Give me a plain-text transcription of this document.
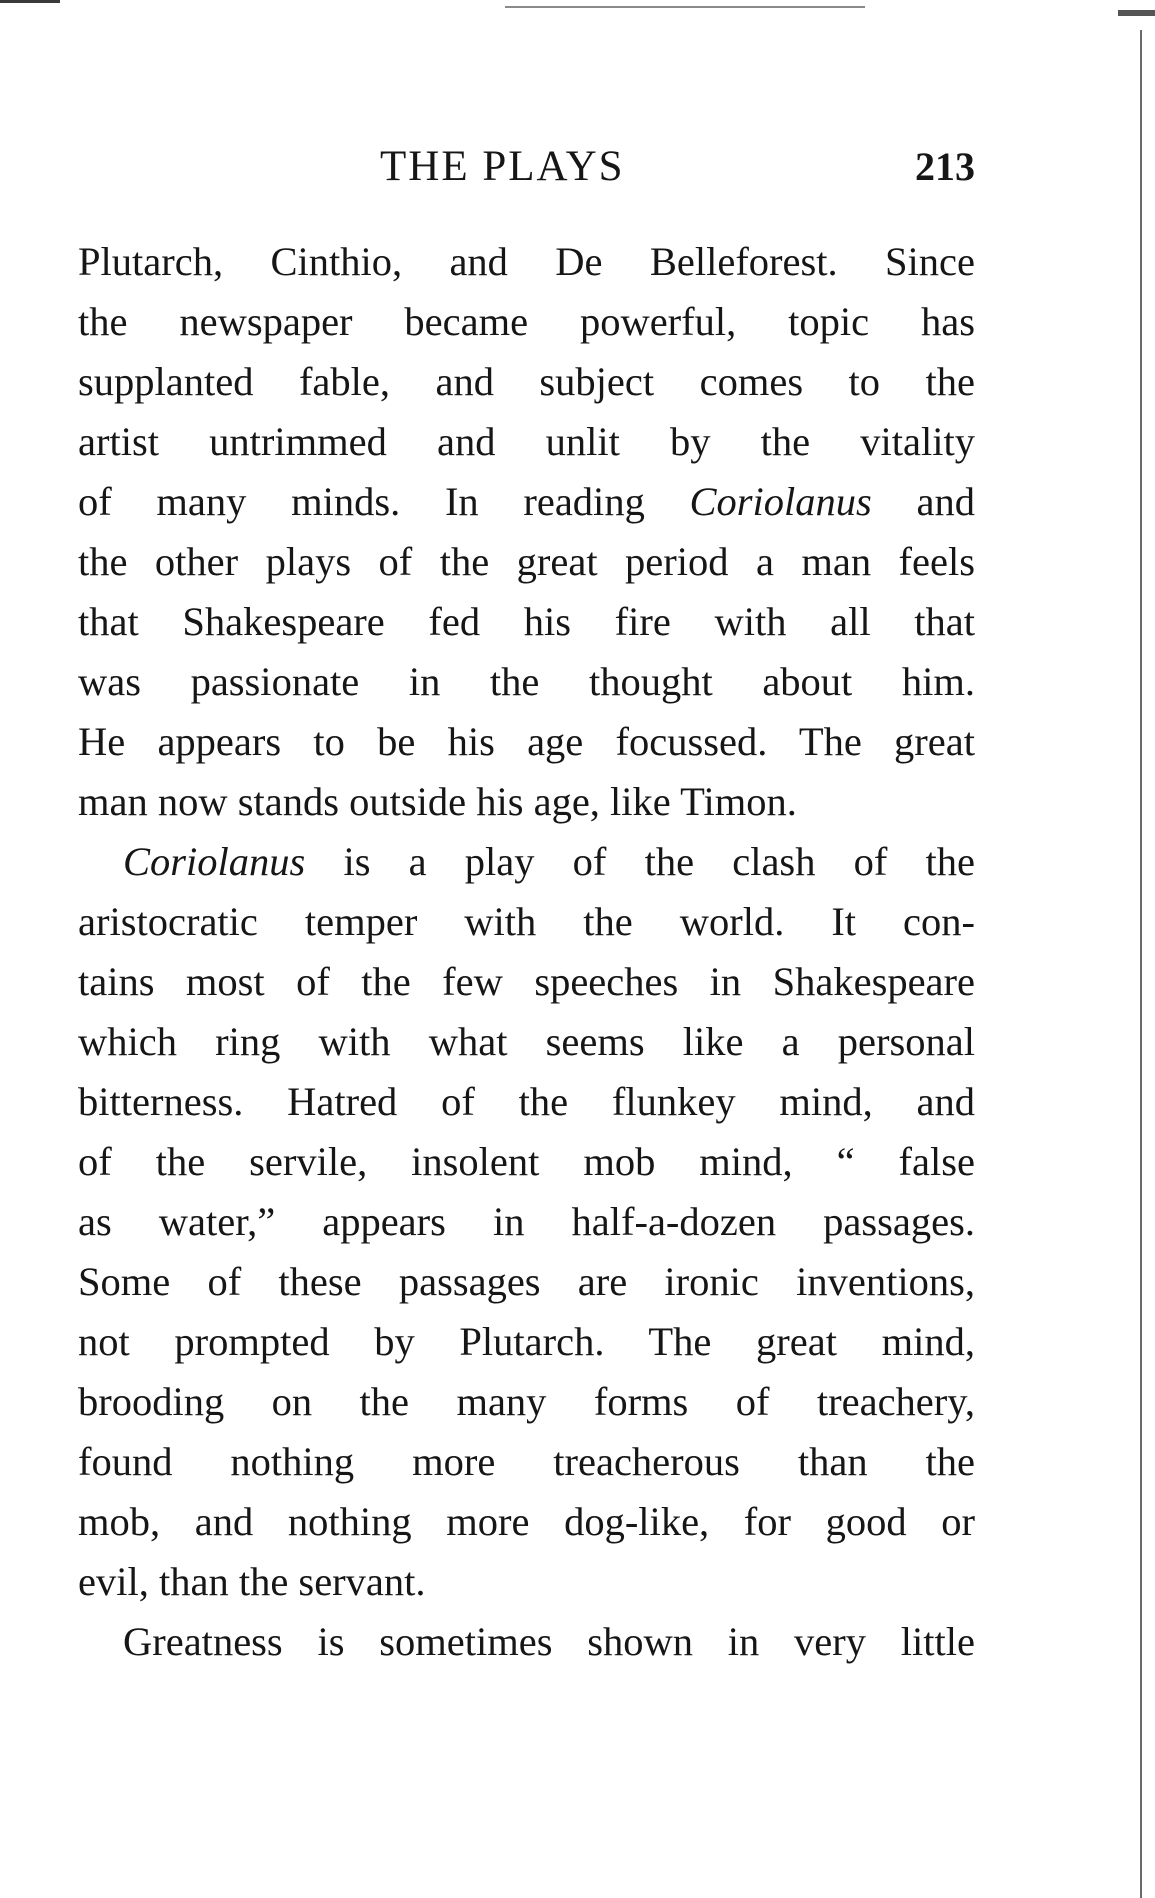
THE PLAYS	213
Plutarch, Cinthio, and De Belleforest. Since
the newspaper became powerful, topic has
supplanted fable, and subject comes to the
artist untrimmed and unlit by the vitality
of many minds. In reading Coriolanus and
the other plays of the great period a man feels
that Shakespeare fed his fire with all that
was passionate in the thought about him.
He appears to be his age focussed. The great
man now stands outside his age, like Timon.
Coriolanus is a play of the clash of the
aristocratic temper with the world. It con-
tains most of the few speeches in Shakespeare
which ring with what seems like a personal
bitterness. Hatred of the flunkey mind, and
of the servile, insolent mob mind, “ false
as water,” appears in half-a-dozen passages.
Some of these passages are ironic inventions,
not prompted by Plutarch. The great mind,
brooding on the many forms of treachery,
found nothing more treacherous than the
mob, and nothing more dog-like, for good or
evil, than the servant.
Greatness is sometimes shown in very little
